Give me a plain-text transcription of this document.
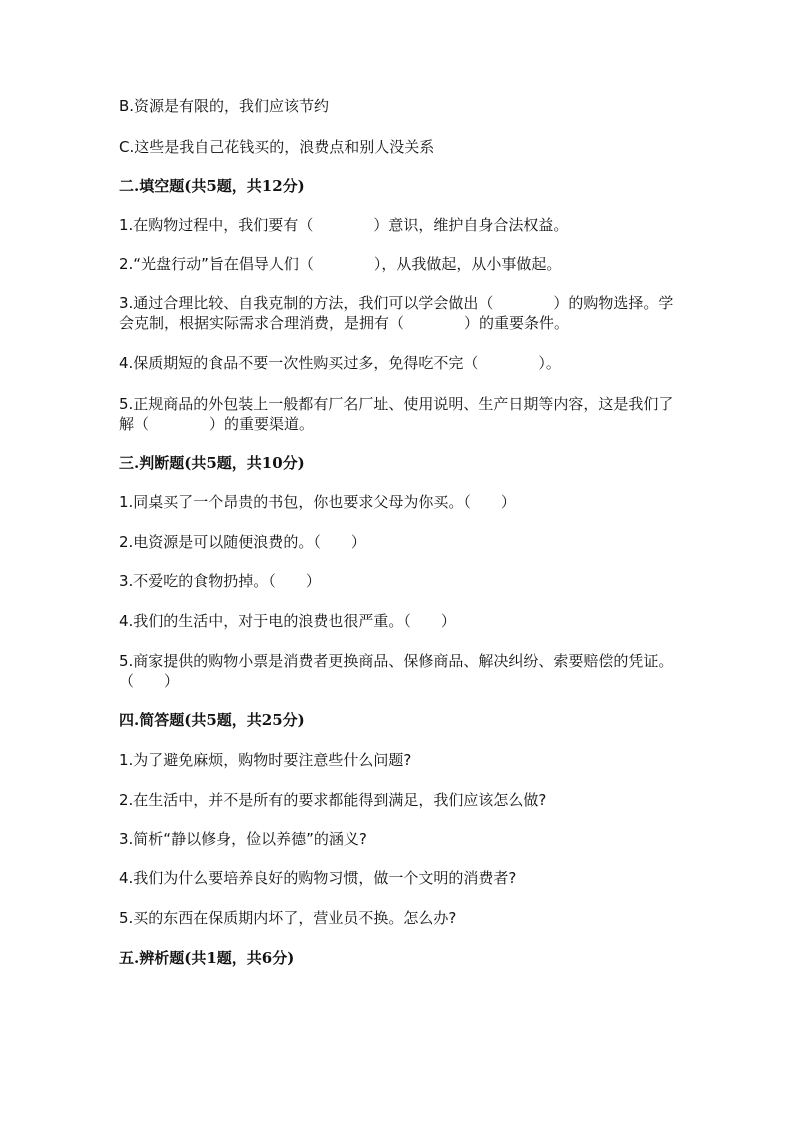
B.资源是有限的，我们应该节约
C.这些是我自己花钱买的，浪费点和别人没关系
二.填空题(共5题，共12分)
1.在购物过程中，我们要有（　　　　）意识，维护自身合法权益。
2.“光盘行动”旨在倡导人们（　　　　），从我做起，从小事做起。
3.通过合理比较、自我克制的方法，我们可以学会做出（　　　　）的购物选择。学会克制，根据实际需求合理消费，是拥有（　　　　）的重要条件。
4.保质期短的食品不要一次性购买过多，免得吃不完（　　　　）。
5.正规商品的外包装上一般都有厂名厂址、使用说明、生产日期等内容，这是我们了解（　　　　）的重要渠道。
三.判断题(共5题，共10分)
1.同桌买了一个昂贵的书包，你也要求父母为你买。（　　）
2.电资源是可以随便浪费的。（　　）
3.不爱吃的食物扔掉。（　　）
4.我们的生活中，对于电的浪费也很严重。（　　）
5.商家提供的购物小票是消费者更换商品、保修商品、解决纠纷、索要赔偿的凭证。（　　）
四.简答题(共5题，共25分)
1.为了避免麻烦，购物时要注意些什么问题?
2.在生活中，并不是所有的要求都能得到满足，我们应该怎么做?
3.简析“静以修身，俭以养德”的涵义?
4.我们为什么要培养良好的购物习惯，做一个文明的消费者?
5.买的东西在保质期内坏了，营业员不换。怎么办?
五.辨析题(共1题，共6分)
